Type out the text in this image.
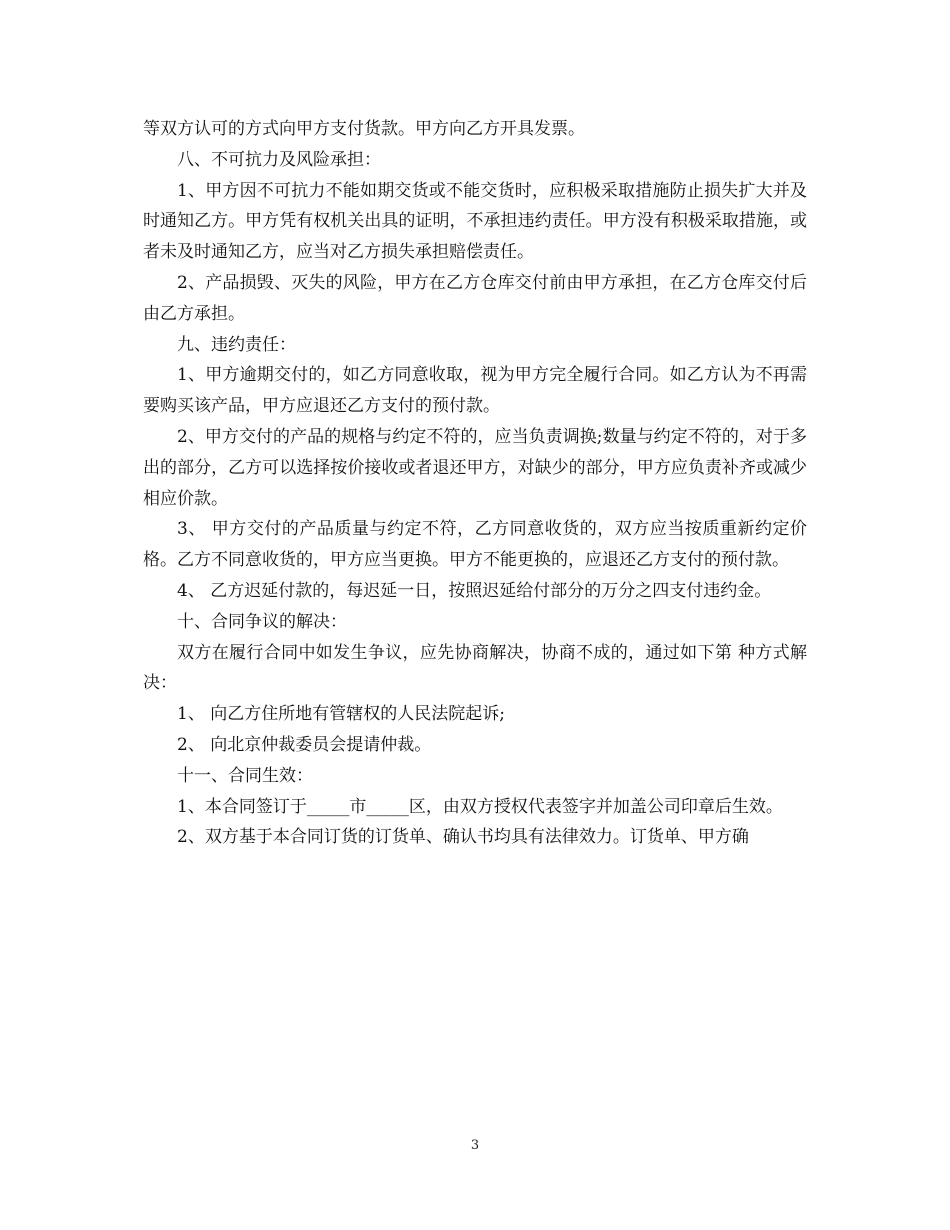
等双方认可的方式向甲方支付货款。甲方向乙方开具发票。

八、不可抗力及风险承担：

1、甲方因不可抗力不能如期交货或不能交货时，应积极采取措施防止损失扩大并及时通知乙方。甲方凭有权机关出具的证明，不承担违约责任。甲方没有积极采取措施，或者未及时通知乙方，应当对乙方损失承担赔偿责任。

2、产品损毁、灭失的风险，甲方在乙方仓库交付前由甲方承担，在乙方仓库交付后由乙方承担。

九、违约责任：

1、甲方逾期交付的，如乙方同意收取，视为甲方完全履行合同。如乙方认为不再需要购买该产品，甲方应退还乙方支付的预付款。

2、甲方交付的产品的规格与约定不符的，应当负责调换;数量与约定不符的，对于多出的部分，乙方可以选择按价接收或者退还甲方，对缺少的部分，甲方应负责补齐或减少相应价款。

3、 甲方交付的产品质量与约定不符，乙方同意收货的，双方应当按质重新约定价格。乙方不同意收货的，甲方应当更换。甲方不能更换的，应退还乙方支付的预付款。

4、 乙方迟延付款的，每迟延一日，按照迟延给付部分的万分之四支付违约金。

十、合同争议的解决：

双方在履行合同中如发生争议，应先协商解决，协商不成的，通过如下第 种方式解决：

1、 向乙方住所地有管辖权的人民法院起诉;

2、 向北京仲裁委员会提请仲裁。

十一、合同生效：

1、本合同签订于_____市_____区，由双方授权代表签字并加盖公司印章后生效。

2、双方基于本合同订货的订货单、确认书均具有法律效力。订货单、甲方确

3
